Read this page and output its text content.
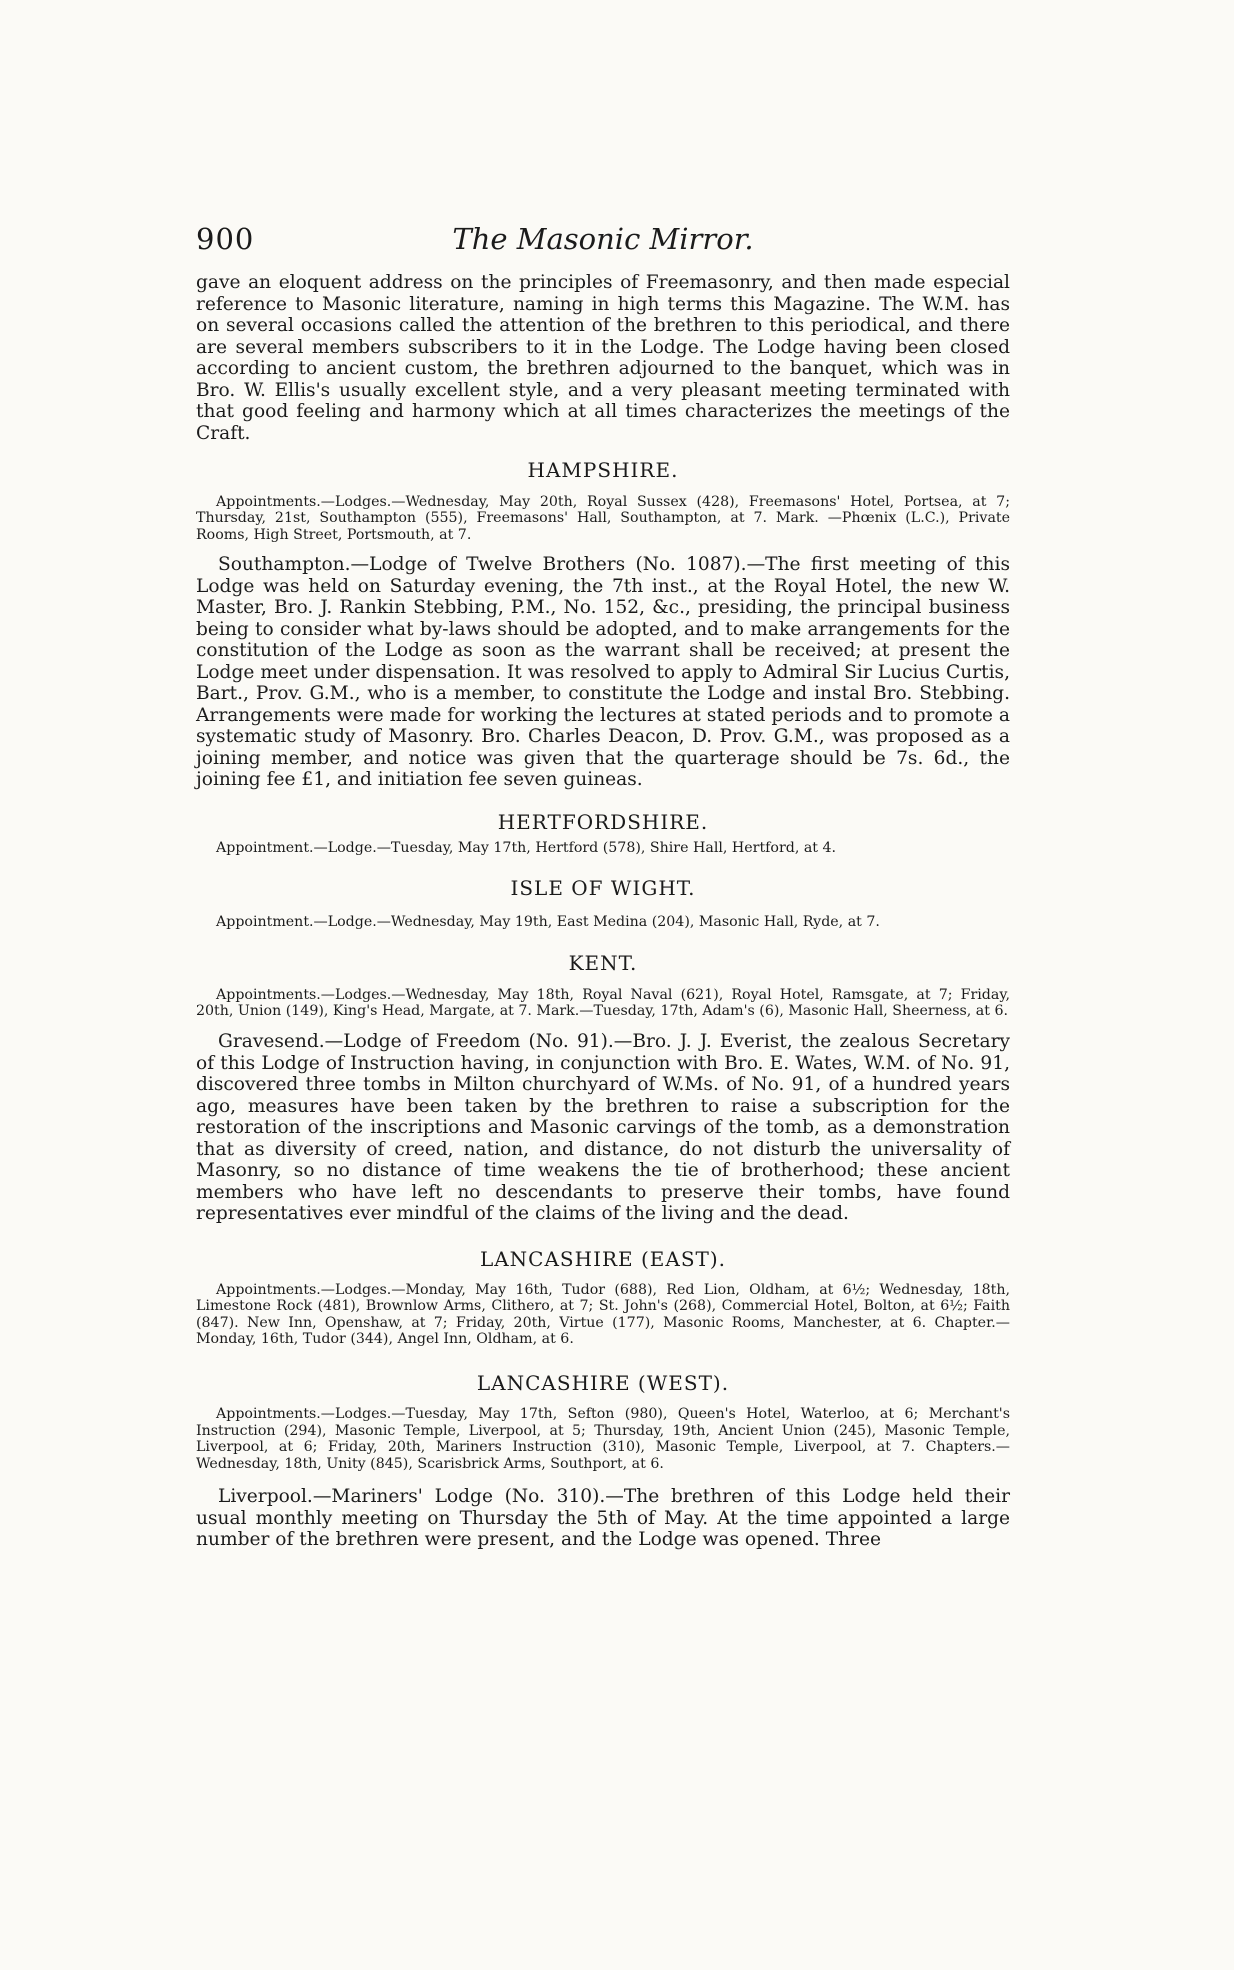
900	The Masonic Mirror.

gave an eloquent address on the principles of Freemasonry, and then made especial reference to Masonic literature, naming in high terms this Magazine. The W.M. has on several occasions called the attention of the brethren to this periodical, and there are several members subscribers to it in the Lodge. The Lodge having been closed according to ancient custom, the brethren adjourned to the banquet, which was in Bro. W. Ellis's usually excellent style, and a very pleasant meeting terminated with that good feeling and harmony which at all times characterizes the meetings of the Craft.

HAMPSHIRE.

Appointments.—Lodges.—Wednesday, May 20th, Royal Sussex (428), Freemasons' Hotel, Portsea, at 7; Thursday, 21st, Southampton (555), Freemasons' Hall, Southampton, at 7. Mark. —Phœnix (L.C.), Private Rooms, High Street, Portsmouth, at 7.

Southampton.—Lodge of Twelve Brothers (No. 1087).—The first meeting of this Lodge was held on Saturday evening, the 7th inst., at the Royal Hotel, the new W. Master, Bro. J. Rankin Stebbing, P.M., No. 152, &c., presiding, the principal business being to consider what by-laws should be adopted, and to make arrangements for the constitution of the Lodge as soon as the warrant shall be received; at present the Lodge meet under dispensation. It was resolved to apply to Admiral Sir Lucius Curtis, Bart., Prov. G.M., who is a member, to constitute the Lodge and instal Bro. Stebbing. Arrangements were made for working the lectures at stated periods and to promote a systematic study of Masonry. Bro. Charles Deacon, D. Prov. G.M., was proposed as a joining member, and notice was given that the quarterage should be 7s. 6d., the joining fee £1, and initiation fee seven guineas.

HERTFORDSHIRE.

Appointment.—Lodge.—Tuesday, May 17th, Hertford (578), Shire Hall, Hertford, at 4.

ISLE OF WIGHT.

Appointment.—Lodge.—Wednesday, May 19th, East Medina (204), Masonic Hall, Ryde, at 7.

KENT.

Appointments.—Lodges.—Wednesday, May 18th, Royal Naval (621), Royal Hotel, Ramsgate, at 7; Friday, 20th, Union (149), King's Head, Margate, at 7. Mark.—Tuesday, 17th, Adam's (6), Masonic Hall, Sheerness, at 6.

Gravesend.—Lodge of Freedom (No. 91).—Bro. J. J. Everist, the zealous Secretary of this Lodge of Instruction having, in conjunction with Bro. E. Wates, W.M. of No. 91, discovered three tombs in Milton churchyard of W.Ms. of No. 91, of a hundred years ago, measures have been taken by the brethren to raise a subscription for the restoration of the inscriptions and Masonic carvings of the tomb, as a demonstration that as diversity of creed, nation, and distance, do not disturb the universality of Masonry, so no distance of time weakens the tie of brotherhood; these ancient members who have left no descendants to preserve their tombs, have found representatives ever mindful of the claims of the living and the dead.

LANCASHIRE (EAST).

Appointments.—Lodges.—Monday, May 16th, Tudor (688), Red Lion, Oldham, at 6½; Wednesday, 18th, Limestone Rock (481), Brownlow Arms, Clithero, at 7; St. John's (268), Commercial Hotel, Bolton, at 6½; Faith (847). New Inn, Openshaw, at 7; Friday, 20th, Virtue (177), Masonic Rooms, Manchester, at 6. Chapter.—Monday, 16th, Tudor (344), Angel Inn, Oldham, at 6.

LANCASHIRE (WEST).

Appointments.—Lodges.—Tuesday, May 17th, Sefton (980), Queen's Hotel, Waterloo, at 6; Merchant's Instruction (294), Masonic Temple, Liverpool, at 5; Thursday, 19th, Ancient Union (245), Masonic Temple, Liverpool, at 6; Friday, 20th, Mariners Instruction (310), Masonic Temple, Liverpool, at 7. Chapters.—Wednesday, 18th, Unity (845), Scarisbrick Arms, Southport, at 6.

Liverpool.—Mariners' Lodge (No. 310).—The brethren of this Lodge held their usual monthly meeting on Thursday the 5th of May. At the time appointed a large number of the brethren were present, and the Lodge was opened. Three
